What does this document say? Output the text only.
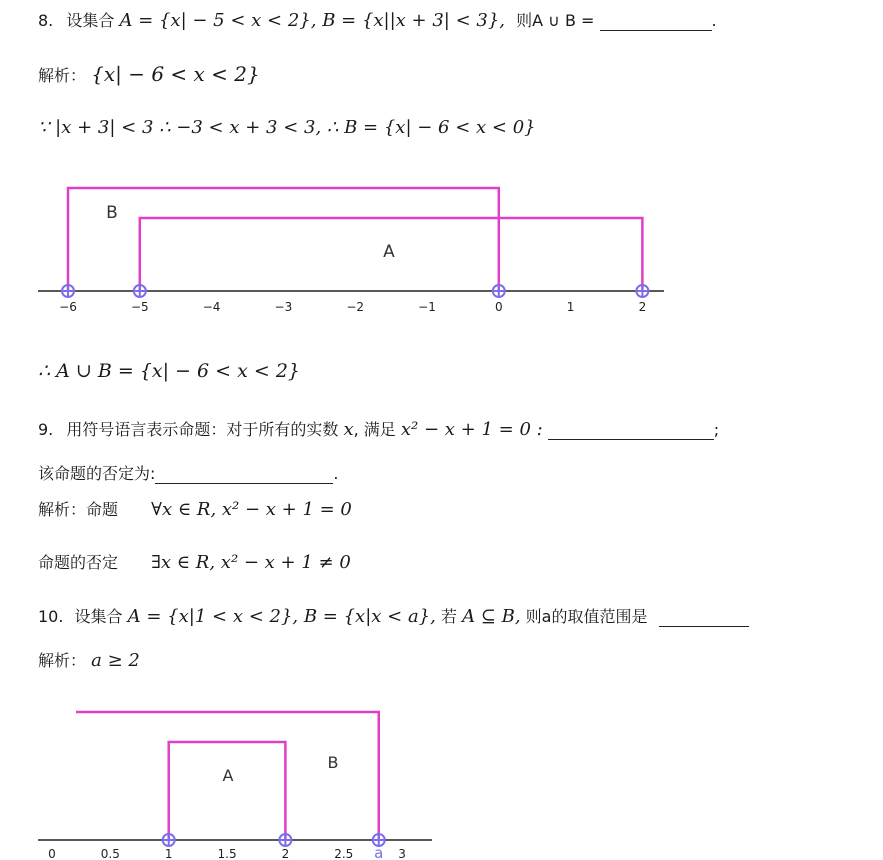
8. 设集合 A = {x| − 5 < x < 2}, B = {x||x + 3| < 3}, 则A ∪ B =	.
解析： {x| − 6 < x < 2}
∵ |x + 3| < 3 ∴ −3 < x + 3 < 3, ∴ B = {x| − 6 < x < 0}
−6	−5	−4	−3	−2	−1	0	1	2
B
A
∴ A ∪ B = {x| − 6 < x < 2}
9. 用符号语言表示命题：对于所有的实数 x, 满足 x² − x + 1 = 0 :	;
该命题的否定为:	.
解析：命题 ∀x ∈ R, x² − x + 1 = 0
命题的否定 ∃x ∈ R, x² − x + 1 ≠ 0
10. 设集合 A = {x|1 < x < 2}, B = {x|x < a}, 若 A ⊆ B, 则a的取值范围是
解析： a ≥ 2
0	0.5	1	1.5	2	2.5 a 3
A
B
